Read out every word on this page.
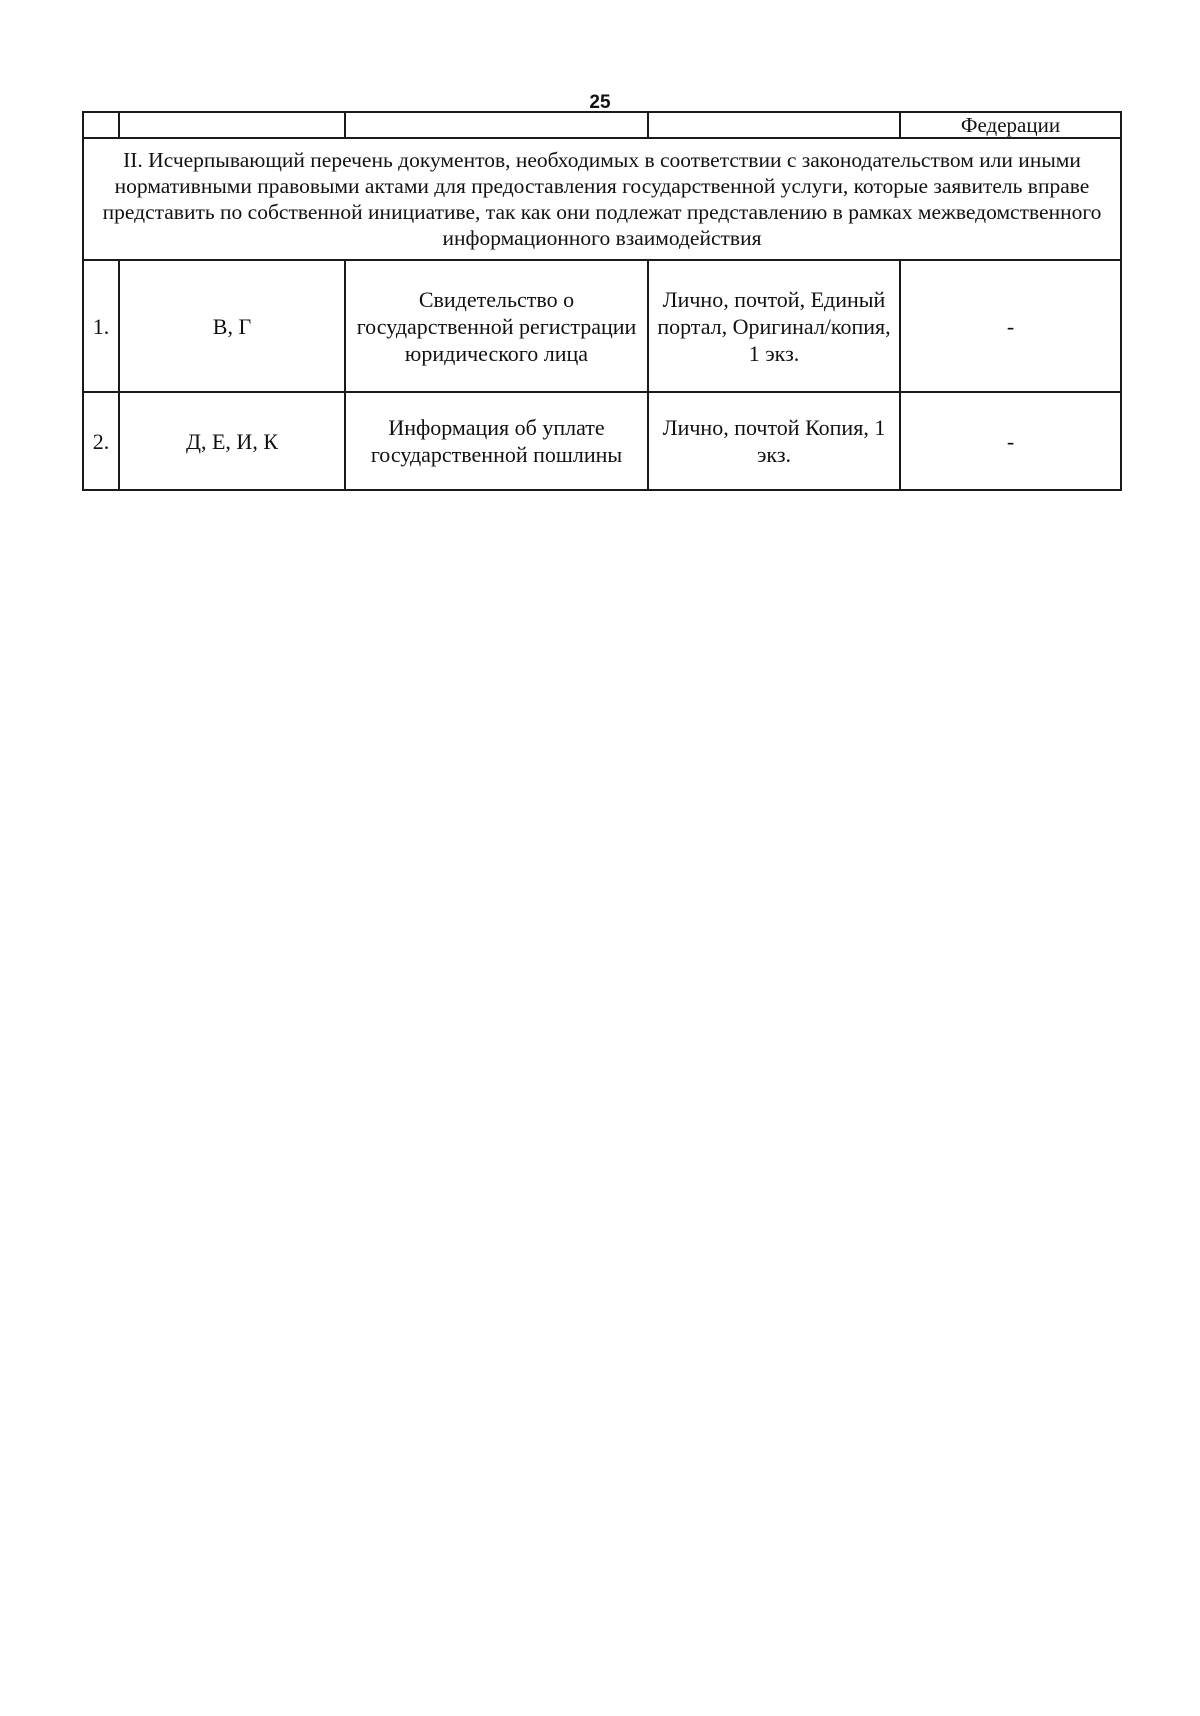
25
				Федерации
II. Исчерпывающий перечень документов, необходимых в соответствии с законодательством или иными нормативными правовыми актами для предоставления государственной услуги, которые заявитель вправе представить по собственной инициативе, так как они подлежат представлению в рамках межведомственного информационного взаимодействия				
1.	В, Г	Свидетельство о государственной регистрации юридического лица	Лично, почтой, Единый портал, Оригинал/копия, 1 экз.	-
2.	Д, Е, И, К	Информация об уплате государственной пошлины	Лично, почтой Копия, 1 экз.	-
